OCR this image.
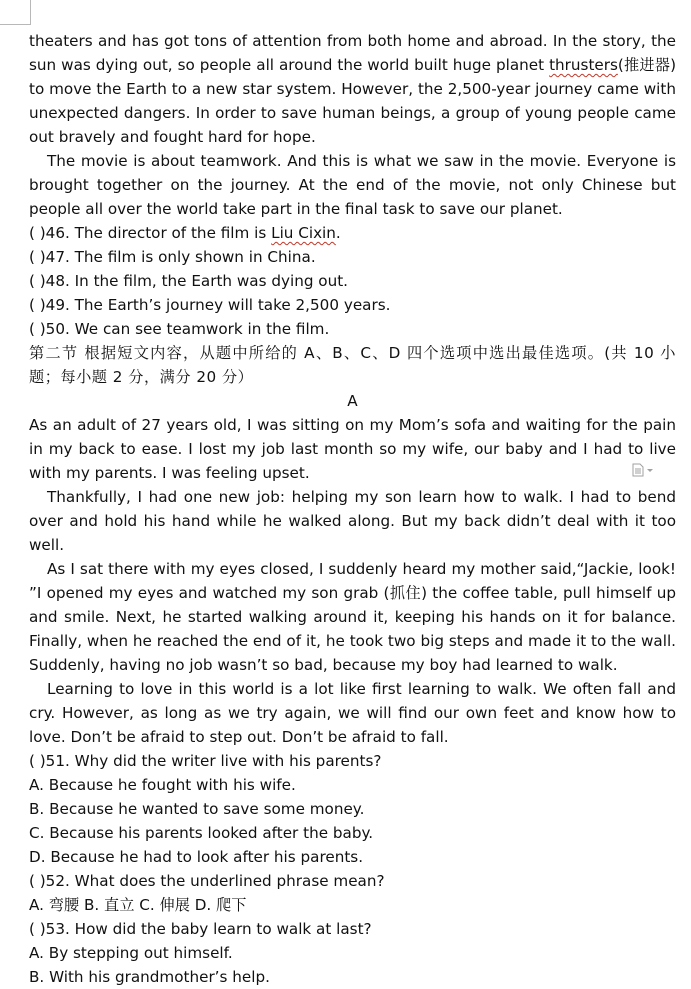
theaters and has got tons of attention from both home and abroad. In the story, the sun was dying out, so people all around the world built huge planet thrusters(推进器) to move the Earth to a new star system. However, the 2,500-year journey came with unexpected dangers. In order to save human beings, a group of young people came out bravely and fought hard for hope.

The movie is about teamwork. And this is what we saw in the movie. Everyone is brought together on the journey. At the end of the movie, not only Chinese but people all over the world take part in the final task to save our planet.

( )46. The director of the film is Liu Cixin.

( )47. The film is only shown in China.

( )48. In the film, the Earth was dying out.

( )49. The Earth’s journey will take 2,500 years.

( )50. We can see teamwork in the film.

第二节 根据短文内容，从题中所给的 A、B、C、D 四个选项中选出最佳选项。(共 10 小题；每小题 2 分，满分 20 分）

A

As an adult of 27 years old, I was sitting on my Mom’s sofa and waiting for the pain in my back to ease. I lost my job last month so my wife, our baby and I had to live with my parents. I was feeling upset.

Thankfully, I had one new job: helping my son learn how to walk. I had to bend over and hold his hand while he walked along. But my back didn’t deal with it too well.

As I sat there with my eyes closed, I suddenly heard my mother said,“Jackie, look! ”I opened my eyes and watched my son grab (抓住) the coffee table, pull himself up and smile. Next, he started walking around it, keeping his hands on it for balance. Finally, when he reached the end of it, he took two big steps and made it to the wall. Suddenly, having no job wasn’t so bad, because my boy had learned to walk.

Learning to love in this world is a lot like first learning to walk. We often fall and cry. However, as long as we try again, we will find our own feet and know how to love. Don’t be afraid to step out. Don’t be afraid to fall.

( )51. Why did the writer live with his parents?

A. Because he fought with his wife.

B. Because he wanted to save some money.

C. Because his parents looked after the baby.

D. Because he had to look after his parents.

( )52. What does the underlined phrase mean?

A. 弯腰 B. 直立 C. 伸展 D. 爬下

( )53. How did the baby learn to walk at last?

A. By stepping out himself.

B. With his grandmother’s help.
